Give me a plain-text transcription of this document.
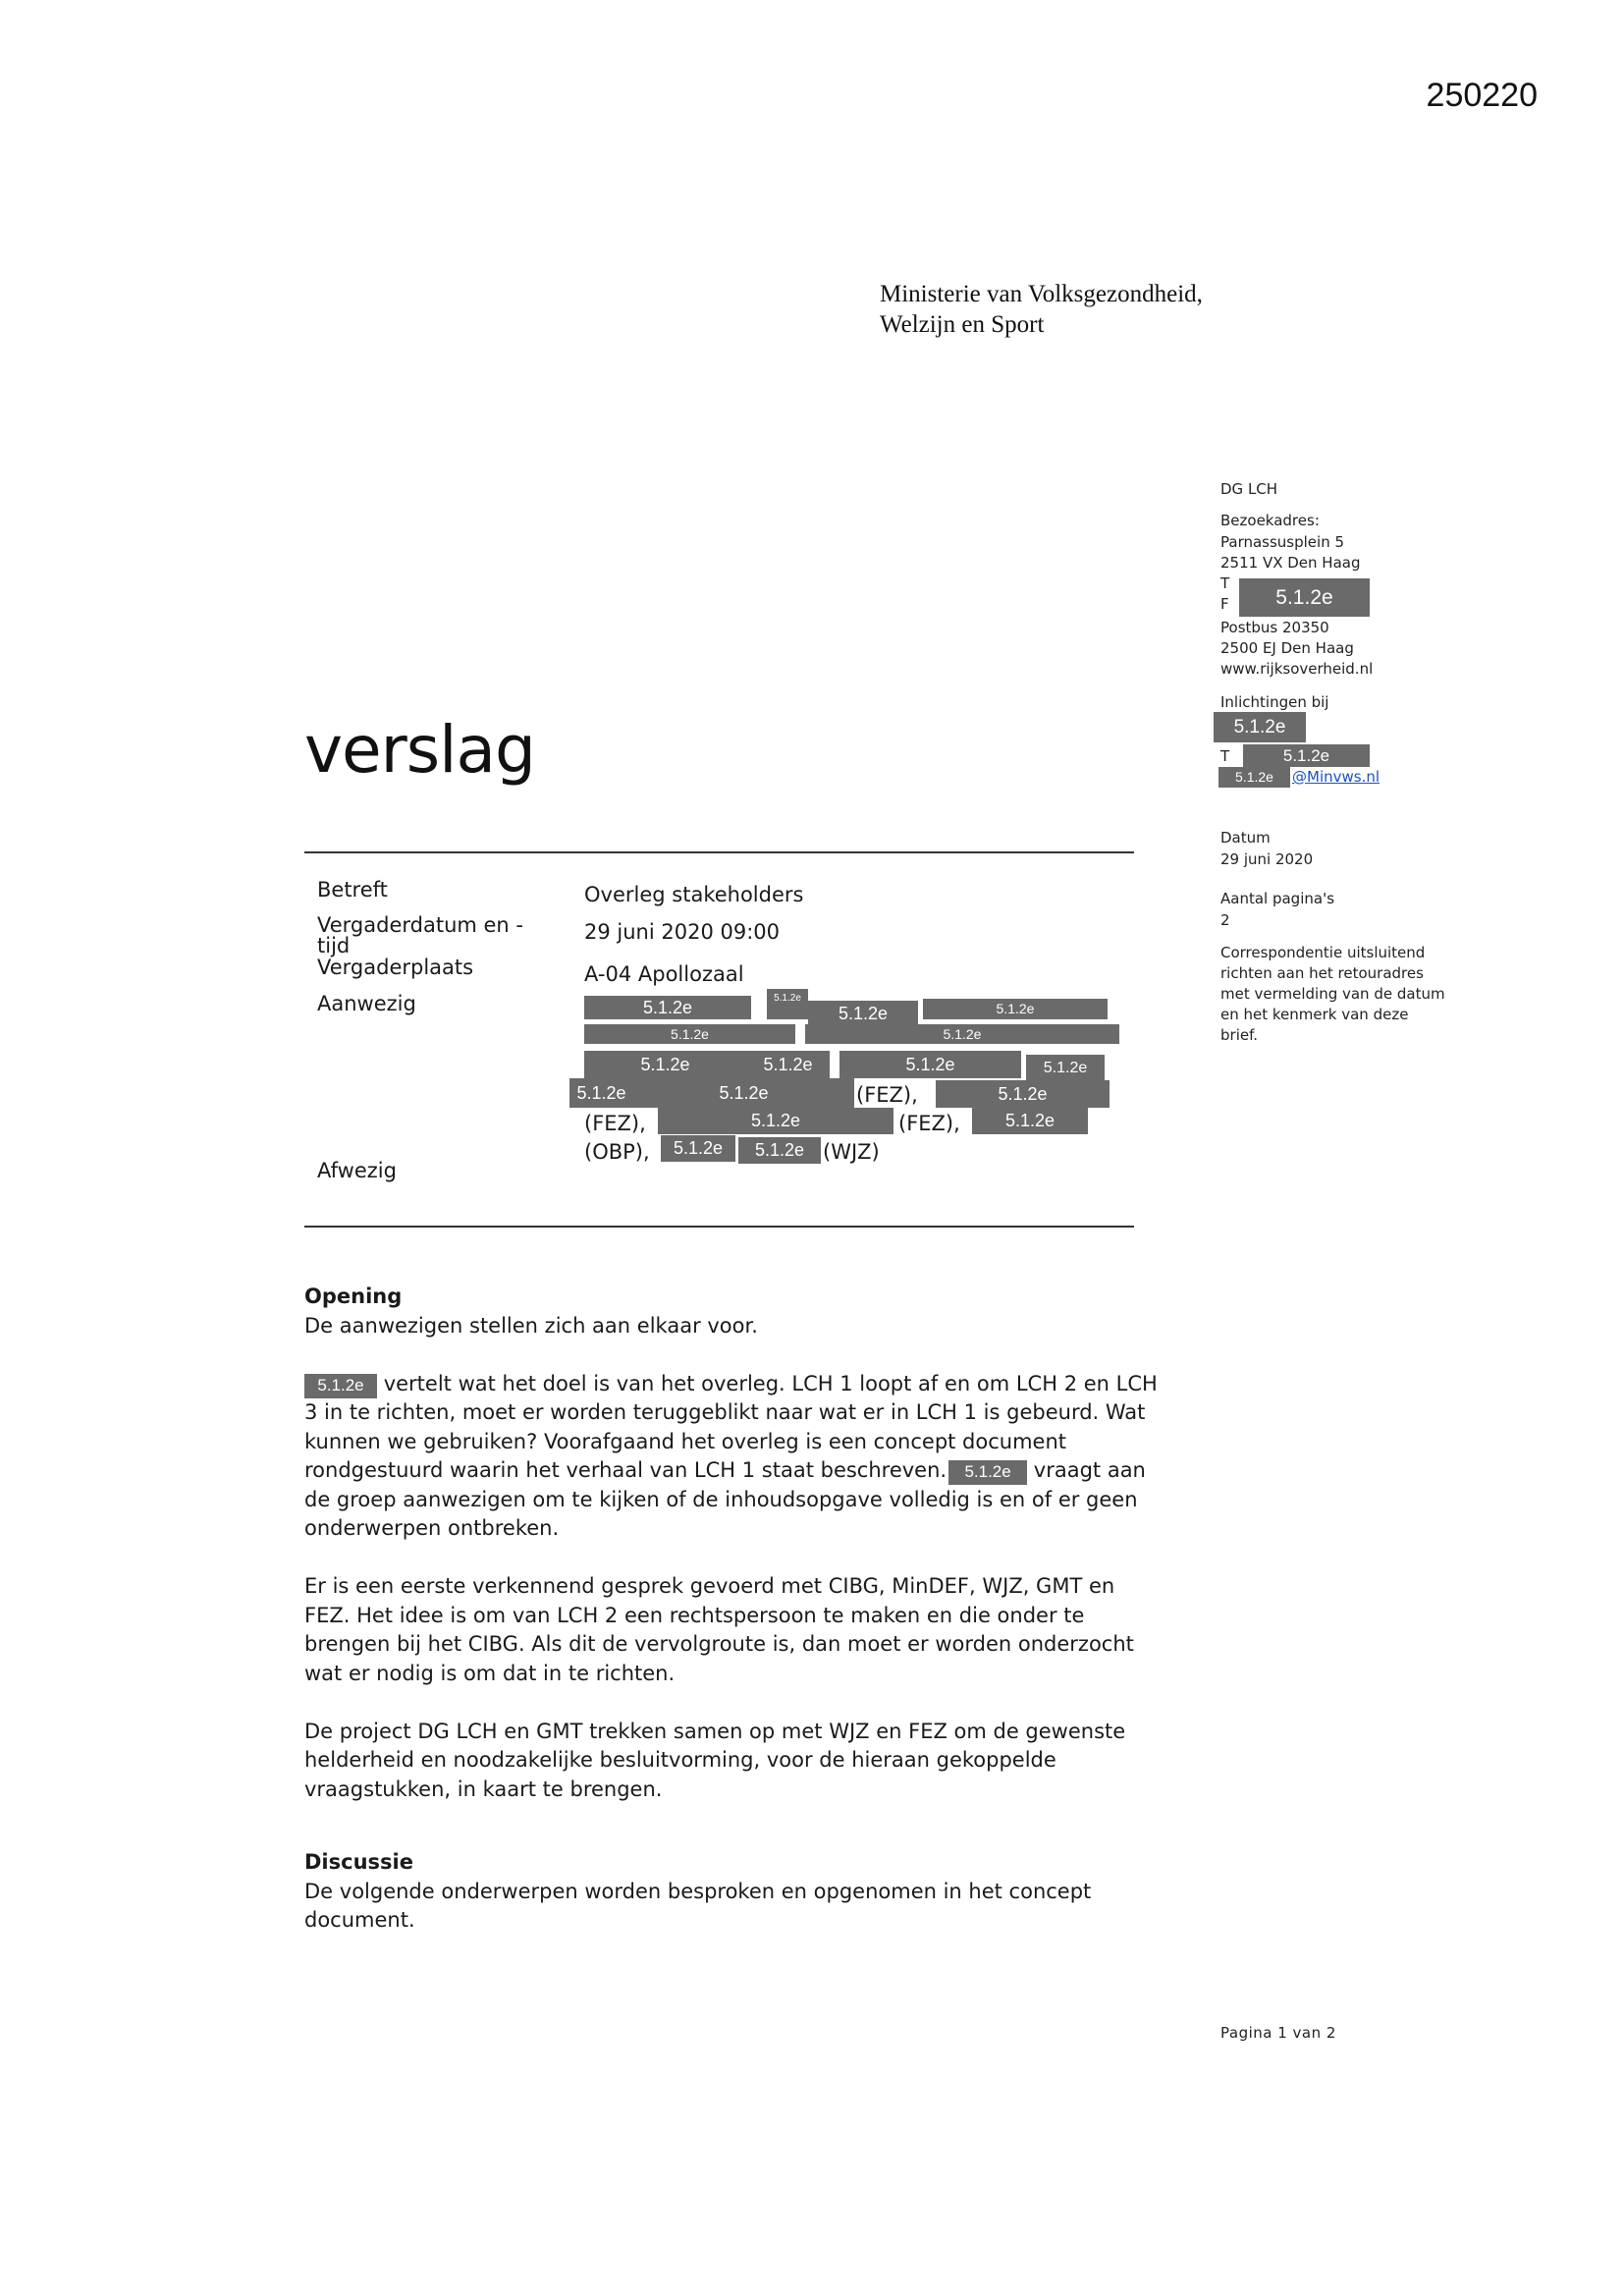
250220
Ministerie van Volksgezondheid,
Welzijn en Sport
verslag
DG LCH
Bezoekadres:
Parnassusplein 5
2511 VX Den Haag
T
F	5.1.2e
Postbus 20350
2500 EJ Den Haag
www.rijksoverheid.nl
Inlichtingen bij
5.1.2e
T	5.1.2e
5.1.2e	@Minvws.nl
Datum
29 juni 2020
Aantal pagina's
2
Correspondentie uitsluitend
richten aan het retouradres
met vermelding van de datum
en het kenmerk van deze
brief.
Betreft	Overleg stakeholders
Vergaderdatum en -
tijd
29 juni 2020 09:00
Vergaderplaats	A-04 Apollozaal
Aanwezig	5.1.2e	5.1.2e
5.1.2e	5.1.2e
5.1.2e	5.1.2e
5.1.2e	5.1.2e	5.1.2e	5.1.2e
5.1.2e	5.1.2e	(FEZ),	5.1.2e
(FEZ),	5.1.2e	(FEZ),	5.1.2e
(OBP),	5.1.2e	5.1.2e (WJZ)
Afwezig
Opening
De aanwezigen stellen zich aan elkaar voor.
5.1.2e vertelt wat het doel is van het overleg. LCH 1 loopt af en om LCH 2 en LCH
3 in te richten, moet er worden teruggeblikt naar wat er in LCH 1 is gebeurd. Wat
kunnen we gebruiken? Voorafgaand het overleg is een concept document
rondgestuurd waarin het verhaal van LCH 1 staat beschreven. 5.1.2e vraagt aan
de groep aanwezigen om te kijken of de inhoudsopgave volledig is en of er geen
onderwerpen ontbreken.
Er is een eerste verkennend gesprek gevoerd met CIBG, MinDEF, WJZ, GMT en
FEZ. Het idee is om van LCH 2 een rechtspersoon te maken en die onder te
brengen bij het CIBG. Als dit de vervolgroute is, dan moet er worden onderzocht
wat er nodig is om dat in te richten.
De project DG LCH en GMT trekken samen op met WJZ en FEZ om de gewenste
helderheid en noodzakelijke besluitvorming, voor de hieraan gekoppelde
vraagstukken, in kaart te brengen.
Discussie
De volgende onderwerpen worden besproken en opgenomen in het concept
document.
Pagina 1 van 2
